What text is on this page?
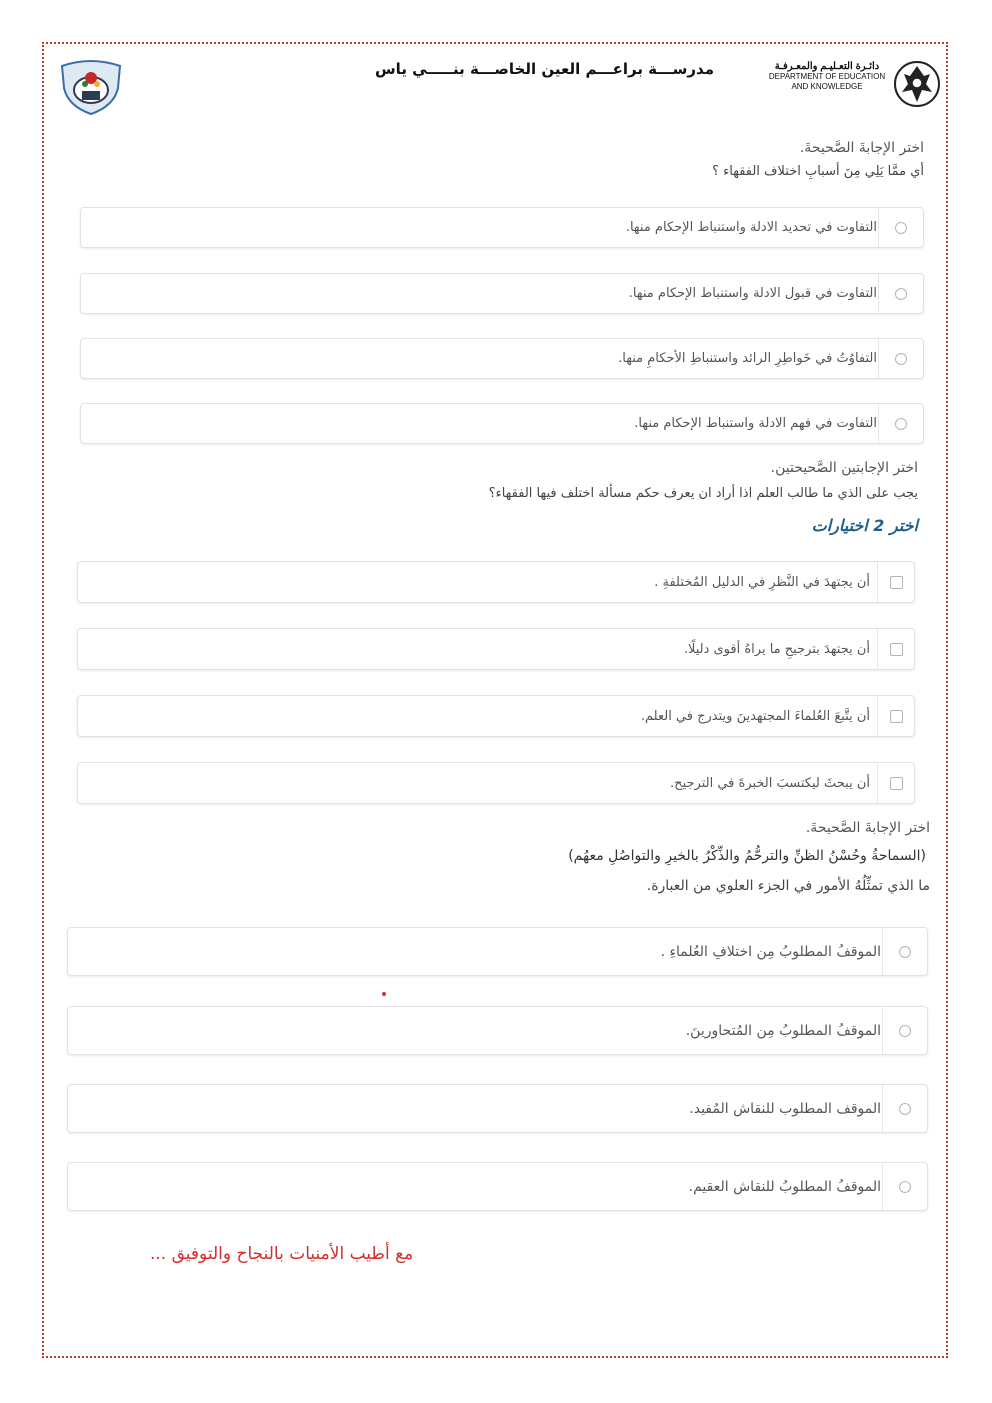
مدرســـة براعـــم العين الخاصـــة بنـــــي ياس	دائـرة التعـليـم والمعـرفـة
DEPARTMENT OF EDUCATION
AND KNOWLEDGE
اختر الإجابةَ الصَّحيحةَ.
أي ممَّا يَلِي مِنَ أسبابِ اختلاف الفقهاء ؟
التفاوت في تحديد الادلة واستنباط الإحكام منها.
التفاوت في قبول الادلة واستنباط الإحكام منها.
التفاوُتُ في خَواطِرِ الرائد واستنباطِ الأحكامِ منها.
التفاوت في فهم الادلة واستنباط الإحكام منها.
اختر الإجابتين الصَّحيحتين.
يجب على الذي ما طالب العلم اذا أراد ان يعرف حكم مسألة اختلف فيها الفقهاء؟
اختر 2 اختيارات
أن يجتهدَ في النَّظرِ في الدليل المُختلفةِ .
أن يجتهدَ بترجيحِ ما يراهُ أقوى دليلًا.
أن يتَّبعَ العُلماءَ المجتهدينَ ويتدرج في العلم.
أن يبحثَ ليكتسبَ الخبرةَ في الترجيح.
اختر الإجابةَ الصَّحيحةَ.
(السماحةُ وحُسْنُ الظنِّ والترحُّمُ والذِّكْرُ بالخيرِ والتواصُلِ معهُم)
ما الذي تمثِّلُهُ الأمور في الجزء العلوي من العبارة.
الموقفُ المطلوبُ مِن اختلافِ العُلماءِ .
الموقفُ المطلوبُ مِن المُتحاورينَ.
الموقف المطلوب للنقاش المُفيد.
الموقفُ المطلوبُ للنقاش العقيم.
مع أطيب الأمنيات بالنجاح والتوفيق ...
